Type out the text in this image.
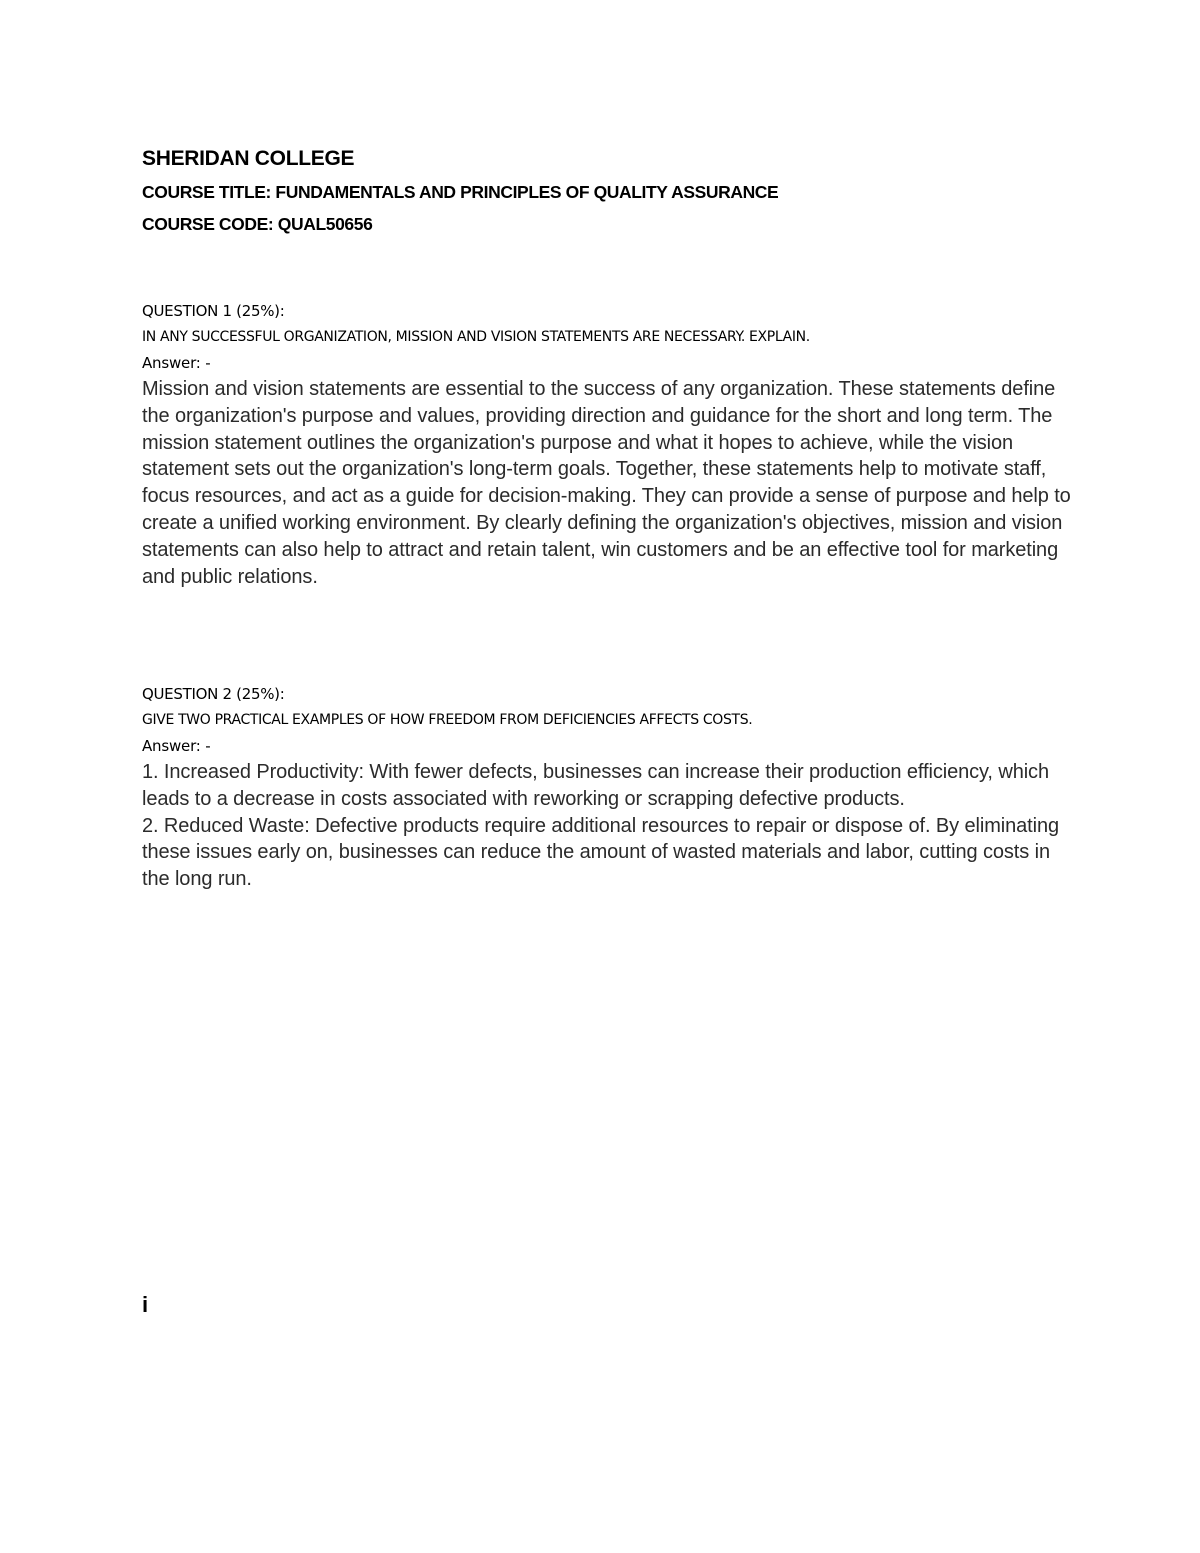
SHERIDAN COLLEGE

COURSE TITLE: FUNDAMENTALS AND PRINCIPLES OF QUALITY ASSURANCE

COURSE CODE: QUAL50656

QUESTION 1 (25%):

IN ANY SUCCESSFUL ORGANIZATION, MISSION AND VISION STATEMENTS ARE NECESSARY. EXPLAIN.

Answer: -

Mission and vision statements are essential to the success of any organization. These statements define the organization's purpose and values, providing direction and guidance for the short and long term. The mission statement outlines the organization's purpose and what it hopes to achieve, while the vision statement sets out the organization's long-term goals. Together, these statements help to motivate staff, focus resources, and act as a guide for decision-making. They can provide a sense of purpose and help to create a unified working environment. By clearly defining the organization's objectives, mission and vision statements can also help to attract and retain talent, win customers and be an effective tool for marketing and public relations.

QUESTION 2 (25%):

GIVE TWO PRACTICAL EXAMPLES OF HOW FREEDOM FROM DEFICIENCIES AFFECTS COSTS.

Answer: -

1. Increased Productivity: With fewer defects, businesses can increase their production efficiency, which leads to a decrease in costs associated with reworking or scrapping defective products.

2. Reduced Waste: Defective products require additional resources to repair or dispose of. By eliminating these issues early on, businesses can reduce the amount of wasted materials and labor, cutting costs in the long run.

i
